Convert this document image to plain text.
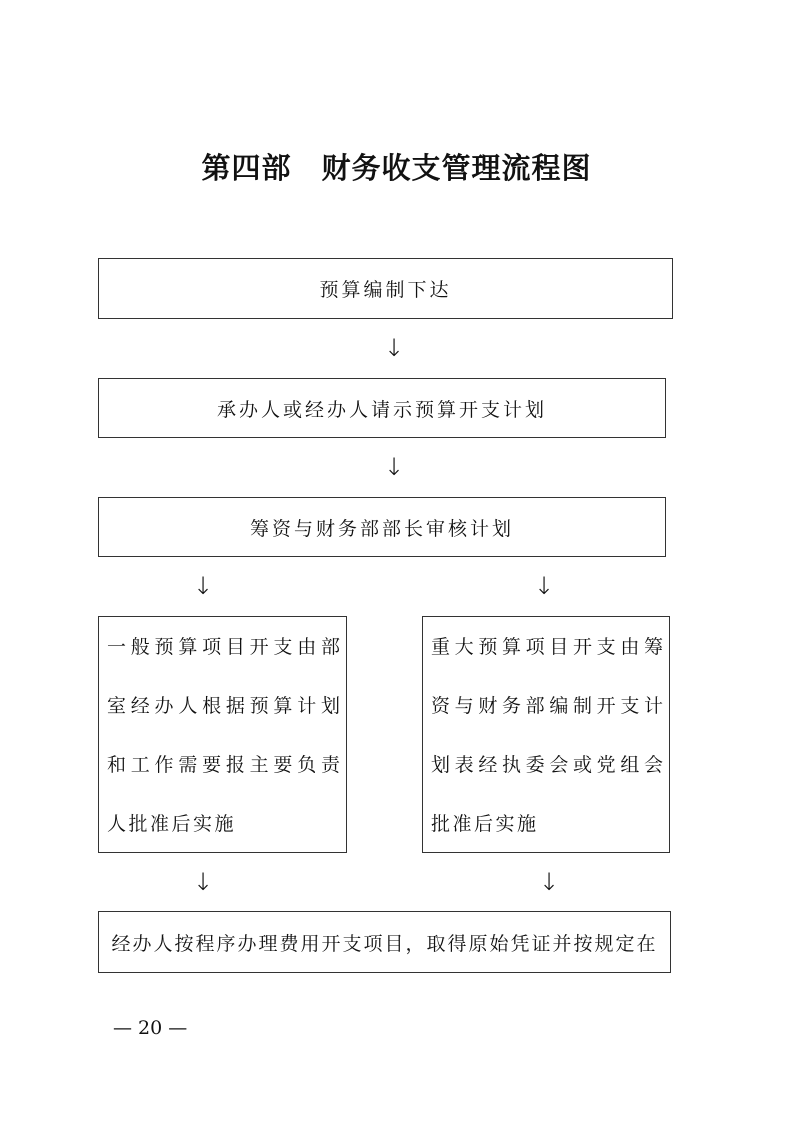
第四部　财务收支管理流程图
预算编制下达
↓
承办人或经办人请示预算开支计划
↓
筹资与财务部部长审核计划
↓	↓
一般预算项目开支由部
室经办人根据预算计划
和工作需要报主要负责
人批准后实施
重大预算项目开支由筹
资与财务部编制开支计
划表经执委会或党组会
批准后实施
↓	↓
经办人按程序办理费用开支项目，取得原始凭证并按规定在
— 20 —
